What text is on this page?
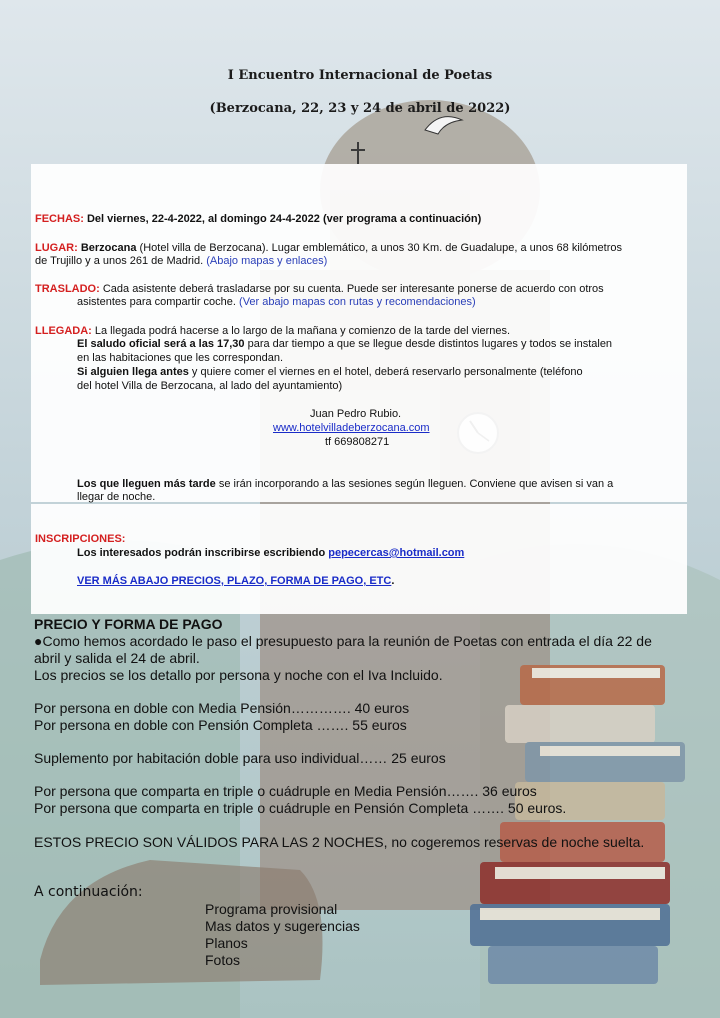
I Encuentro Internacional de Poetas
(Berzocana, 22, 23 y 24 de abril de 2022)
FECHAS: Del viernes, 22-4-2022, al domingo 24-4-2022 (ver programa a continuación)
LUGAR: Berzocana (Hotel villa de Berzocana). Lugar emblemático, a unos 30 Km. de Guadalupe, a unos 68 kilómetros
de Trujillo y a unos 261 de Madrid. (Abajo mapas y enlaces)
TRASLADO: Cada asistente deberá trasladarse por su cuenta. Puede ser interesante ponerse de acuerdo con otros
asistentes para compartir coche. (Ver abajo mapas con rutas y recomendaciones)
LLEGADA: La llegada podrá hacerse a lo largo de la mañana y comienzo de la tarde del viernes.
El saludo oficial será a las 17,30 para dar tiempo a que se llegue desde distintos lugares y todos se instalen
en las habitaciones que les correspondan.
Si alguien llega antes y quiere comer el viernes en el hotel, deberá reservarlo personalmente (teléfono
del hotel Villa de Berzocana, al lado del ayuntamiento)
Juan Pedro Rubio.
www.hotelvilladeberzocana.com
tf 669808271
Los que lleguen más tarde se irán incorporando a las sesiones según lleguen. Conviene que avisen si van a
llegar de noche.
INSCRIPCIONES:
Los interesados podrán inscribirse escribiendo pepecercas@hotmail.com
VER MÁS ABAJO PRECIOS, PLAZO, FORMA DE PAGO, ETC.
PRECIO Y FORMA DE PAGO
●Como hemos acordado le paso el presupuesto para la reunión de Poetas con entrada el día 22 de
abril y salida el 24 de abril.
Los precios se los detallo por persona y noche con el Iva Incluido.
Por persona en doble con Media Pensión…………. 40 euros
Por persona en doble con Pensión Completa ……. 55 euros
Suplemento por habitación doble para uso individual…… 25 euros
Por persona que comparta en triple o cuádruple en Media Pensión……. 36 euros
Por persona que comparta en triple o cuádruple en Pensión Completa ……. 50 euros.
ESTOS PRECIO SON VÁLIDOS PARA LAS 2 NOCHES, no cogeremos reservas de noche suelta.
A continuación:
Programa provisional
Mas datos y sugerencias
Planos
Fotos
